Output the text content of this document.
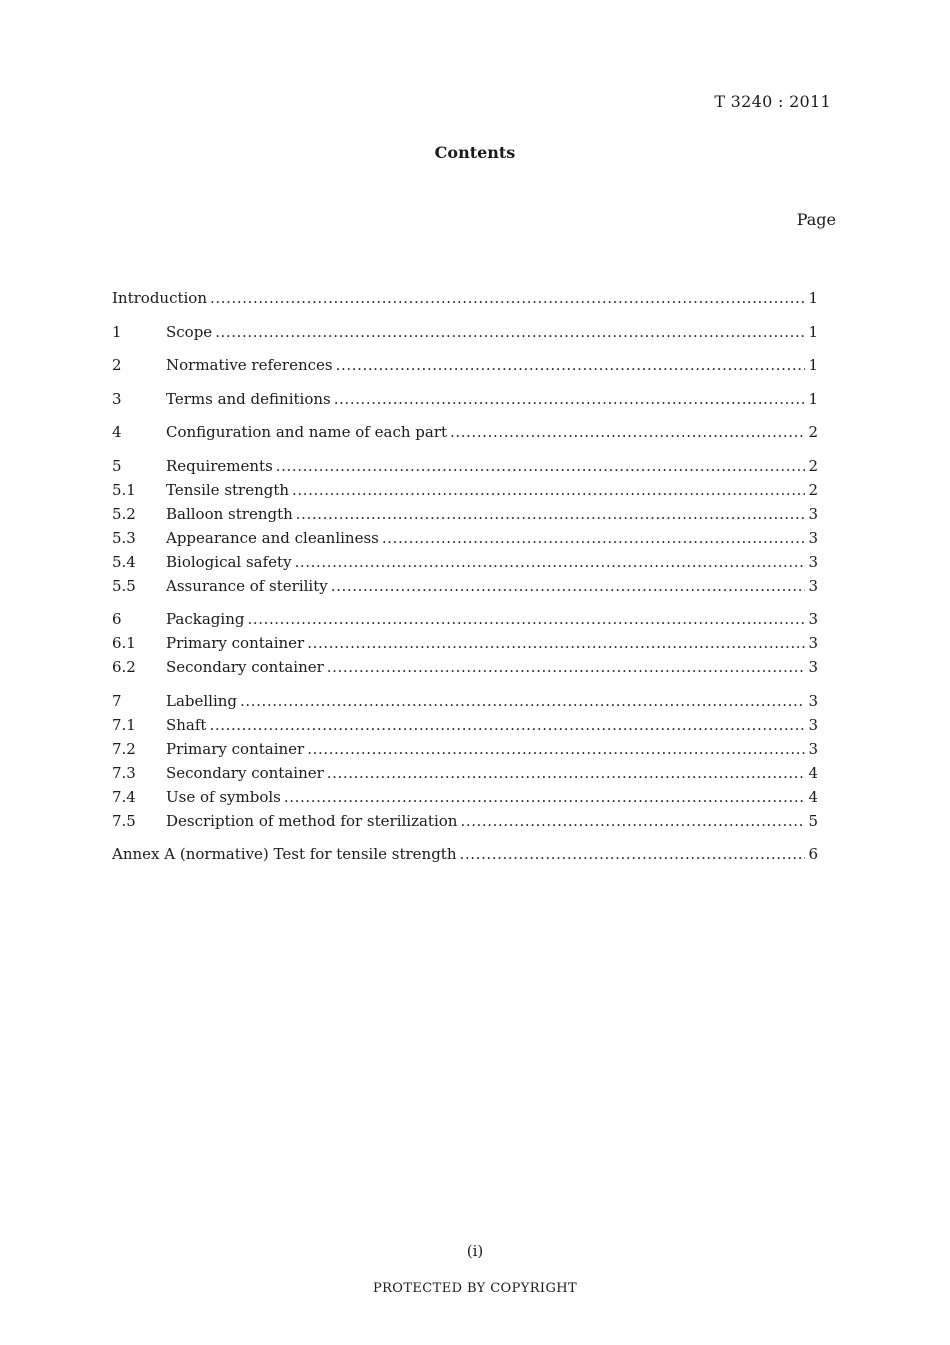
T 3240 : 2011
Contents
Page
Introduction .....	1
1	Scope .....	1
2	Normative references .....	1
3	Terms and definitions .....	1
4	Configuration and name of each part .....	2
5	Requirements .....	2
5.1	Tensile strength .....	2
5.2	Balloon strength .....	3
5.3	Appearance and cleanliness .....	3
5.4	Biological safety .....	3
5.5	Assurance of sterility .....	3
6	Packaging .....	3
6.1	Primary container .....	3
6.2	Secondary container .....	3
7	Labelling .....	3
7.1	Shaft .....	3
7.2	Primary container .....	3
7.3	Secondary container .....	4
7.4	Use of symbols .....	4
7.5	Description of method for sterilization .....	5
Annex A (normative) Test for tensile strength .....	6
(i)
PROTECTED BY COPYRIGHT
